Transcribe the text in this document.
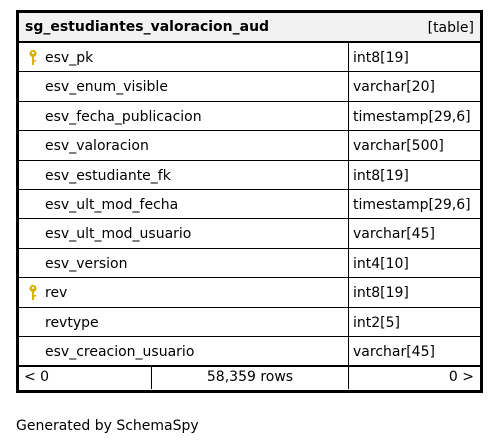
sg_estudiantes_valoracion_aud	[table]
esv_pk	int8[19]
esv_enum_visible	varchar[20]
esv_fecha_publicacion	timestamp[29,6]
esv_valoracion	varchar[500]
esv_estudiante_fk	int8[19]
esv_ult_mod_fecha	timestamp[29,6]
esv_ult_mod_usuario	varchar[45]
esv_version	int4[10]
rev	int8[19]
revtype	int2[5]
esv_creacion_usuario	varchar[45]
< 0	58,359 rows	0 >
Generated by SchemaSpy
